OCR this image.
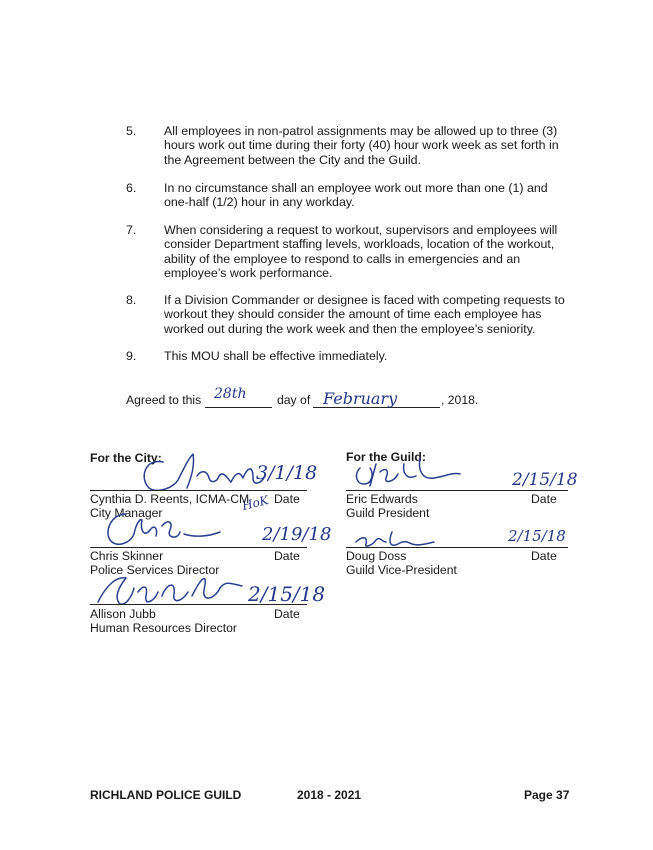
5. All employees in non-patrol assignments may be allowed up to three (3) hours work out time during their forty (40) hour work week as set forth in the Agreement between the City and the Guild.
6. In no circumstance shall an employee work out more than one (1) and one-half (1/2) hour in any workday.
7. When considering a request to workout, supervisors and employees will consider Department staffing levels, workloads, location of the workout, ability of the employee to respond to calls in emergencies and an employee’s work performance.
8. If a Division Commander or designee is faced with competing requests to workout they should consider the amount of time each employee has worked out during the work week and then the employee’s seniority.
9. This MOU shall be effective immediately.
Agreed to this 28th	day of February	, 2018.
For the City:	For the Guild:
3/1/18
HoK
Cynthia D. Reents, ICMA-CM Date
City Manager
2/19/18
Chris Skinner	Date
Police Services Director
2/15/18
Allison Jubb	Date
Human Resources Director
2/15/18
Eric Edwards	Date
Guild President
2/15/18
Doug Doss	Date
Guild Vice-President
RICHLAND POLICE GUILD	2018 - 2021	Page 37
